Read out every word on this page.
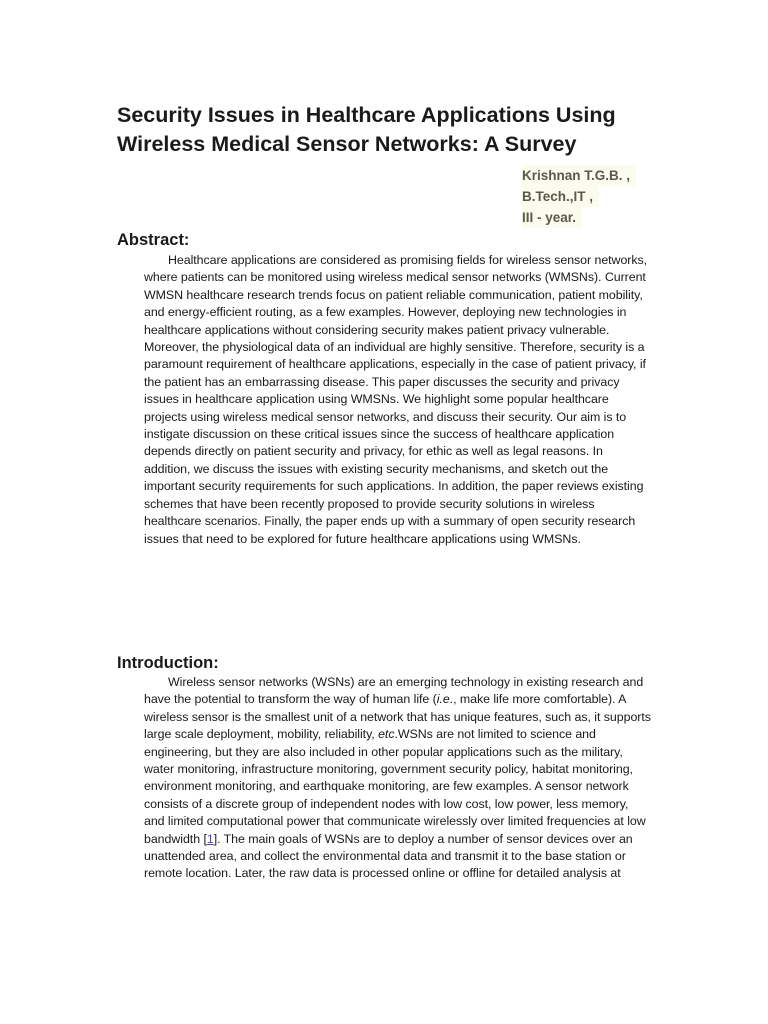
Security Issues in Healthcare Applications Using Wireless Medical Sensor Networks: A Survey
Krishnan T.G.B. ,
B.Tech.,IT ,
III - year.
Abstract:

Healthcare applications are considered as promising fields for wireless sensor networks, where patients can be monitored using wireless medical sensor networks (WMSNs). Current WMSN healthcare research trends focus on patient reliable communication, patient mobility, and energy-efficient routing, as a few examples. However, deploying new technologies in healthcare applications without considering security makes patient privacy vulnerable. Moreover, the physiological data of an individual are highly sensitive. Therefore, security is a paramount requirement of healthcare applications, especially in the case of patient privacy, if the patient has an embarrassing disease. This paper discusses the security and privacy issues in healthcare application using WMSNs. We highlight some popular healthcare projects using wireless medical sensor networks, and discuss their security. Our aim is to instigate discussion on these critical issues since the success of healthcare application depends directly on patient security and privacy, for ethic as well as legal reasons. In addition, we discuss the issues with existing security mechanisms, and sketch out the important security requirements for such applications. In addition, the paper reviews existing schemes that have been recently proposed to provide security solutions in wireless healthcare scenarios. Finally, the paper ends up with a summary of open security research issues that need to be explored for future healthcare applications using WMSNs.

Introduction:

Wireless sensor networks (WSNs) are an emerging technology in existing research and have the potential to transform the way of human life (i.e., make life more comfortable). A wireless sensor is the smallest unit of a network that has unique features, such as, it supports large scale deployment, mobility, reliability, etc.WSNs are not limited to science and engineering, but they are also included in other popular applications such as the military, water monitoring, infrastructure monitoring, government security policy, habitat monitoring, environment monitoring, and earthquake monitoring, are few examples. A sensor network consists of a discrete group of independent nodes with low cost, low power, less memory, and limited computational power that communicate wirelessly over limited frequencies at low bandwidth [1]. The main goals of WSNs are to deploy a number of sensor devices over an unattended area, and collect the environmental data and transmit it to the base station or remote location. Later, the raw data is processed online or offline for detailed analysis at
